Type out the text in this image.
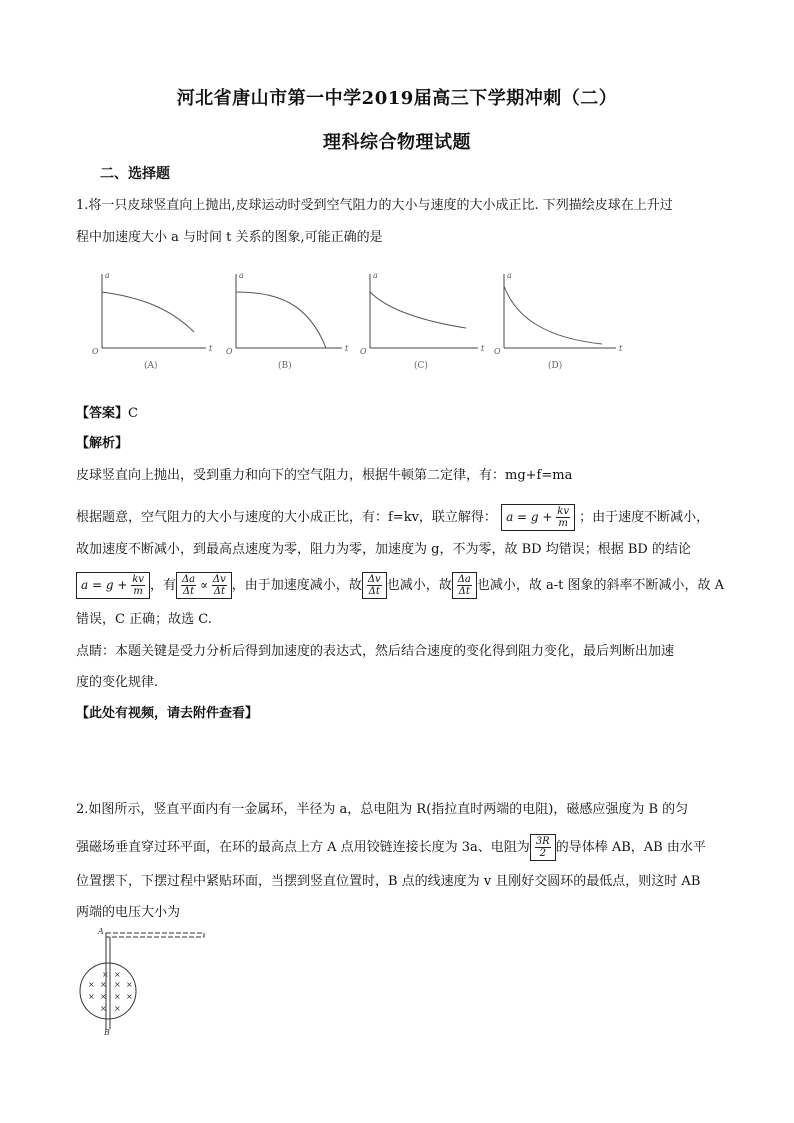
河北省唐山市第一中学2019届高三下学期冲刺（二）
理科综合物理试题
二、选择题
1.将一只皮球竖直向上抛出,皮球运动时受到空气阻力的大小与速度的大小成正比. 下列描绘皮球在上升过
程中加速度大小 a 与时间 t 关系的图象,可能正确的是
a
t
O
a
t
O
a
t
O
a
t
O
(A)	(B)	(C)	(D)
【答案】C
【解析】
皮球竖直向上抛出，受到重力和向下的空气阻力，根据牛顿第二定律，有：mg+f=ma
根据题意，空气阻力的大小与速度的大小成正比，有：f=kv，联立解得： $a = g + \frac{kv}{m}$ ；由于速度不断减小，
故加速度不断减小，到最高点速度为零，阻力为零，加速度为 g，不为零，故 BD 均错误；根据 BD 的结论
$a = g + \frac{kv}{m}$ ，有 $\frac{\Delta a}{\Delta t} \propto \frac{\Delta v}{\Delta t}$ ，由于加速度减小，故 $\frac{\Delta v}{\Delta t}$ 也减小，故 $\frac{\Delta a}{\Delta t}$ 也减小，故 a-t 图象的斜率不断减小，故 A
错误，C 正确；故选 C.
点睛：本题关键是受力分析后得到加速度的表达式，然后结合速度的变化得到阻力变化，最后判断出加速
度的变化规律.
【此处有视频，请去附件查看】
2.如图所示，竖直平面内有一金属环，半径为 a，总电阻为 R(指拉直时两端的电阻)，磁感应强度为 B 的匀
强磁场垂直穿过环平面，在环的最高点上方 A 点用铰链连接长度为 3a、电阻为 $\frac{3R}{2}$ 的导体棒 AB，AB 由水平
位置摆下，下摆过程中紧贴环面，当摆到竖直位置时，B 点的线速度为 v 且刚好交圆环的最低点，则这时 AB
两端的电压大小为
A
B
× ×
× × × ×
× × × ×
× ×
